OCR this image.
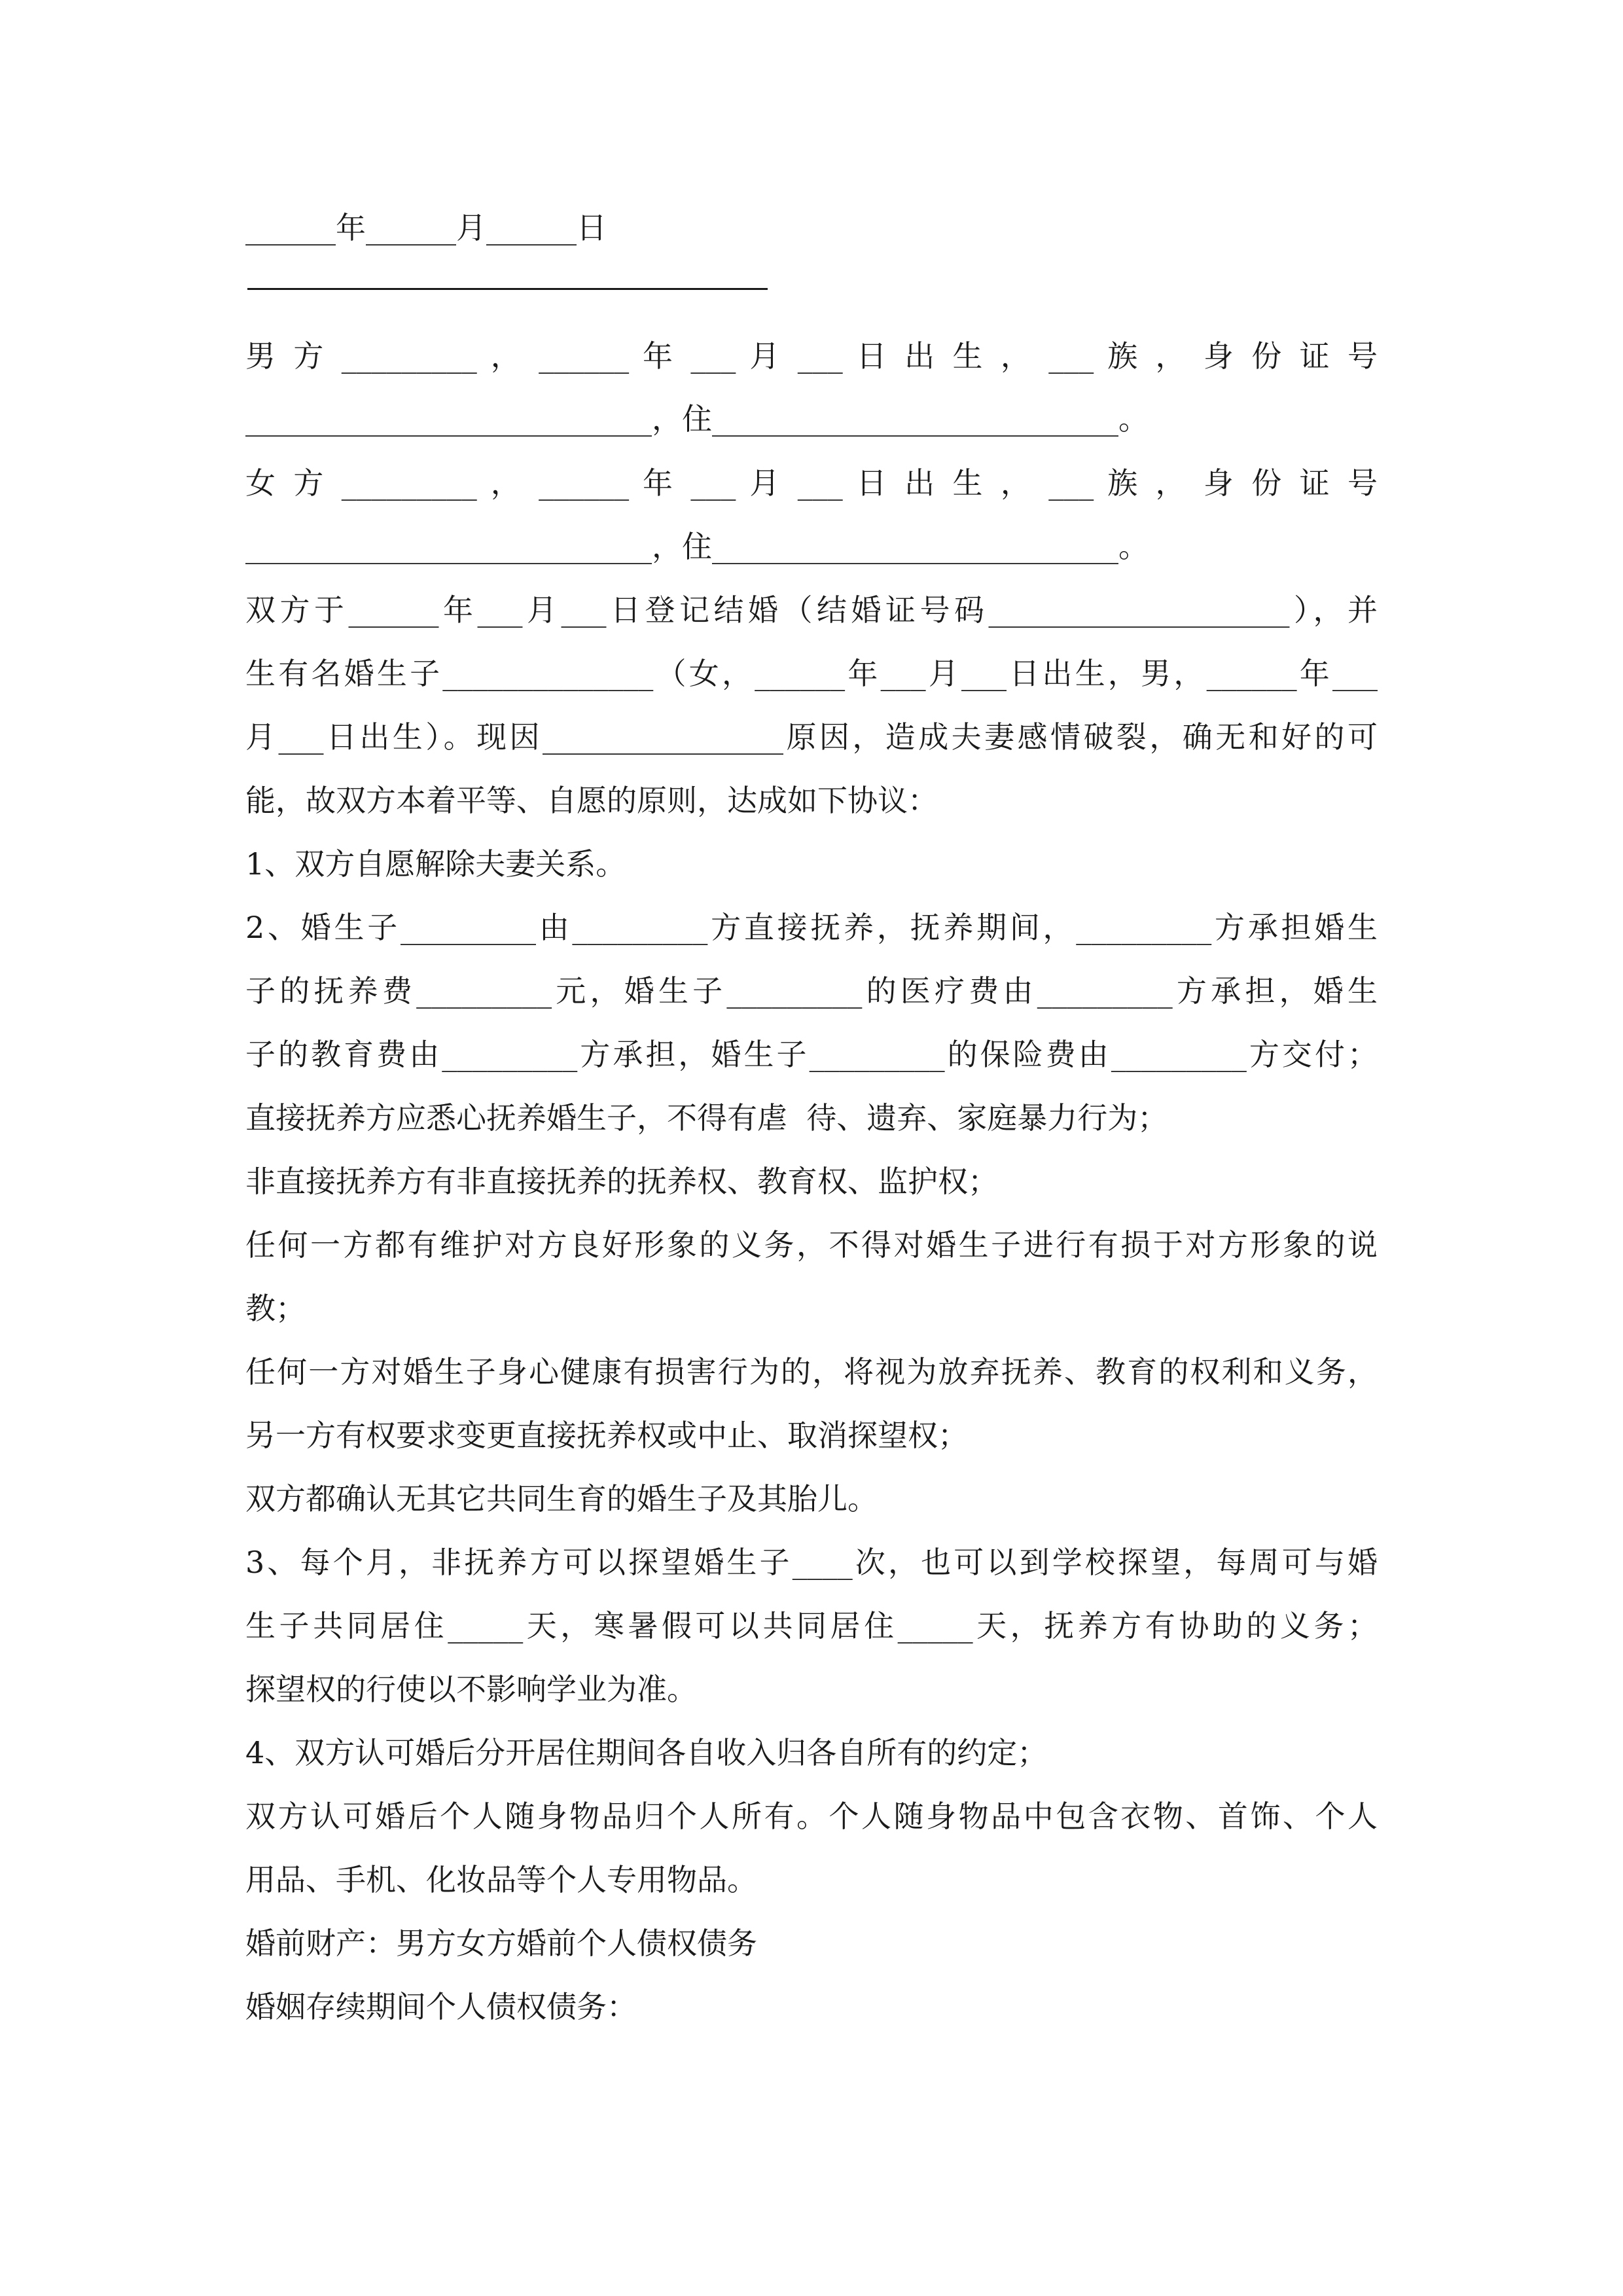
______年______月______日
男 方 _________ ， ______ 年 ___ 月 ___ 日 出 生 ， ___ 族 ， 身 份 证 号
___________________________，住___________________________。
女 方 _________ ， ______ 年 ___ 月 ___ 日 出 生 ， ___ 族 ， 身 份 证 号
___________________________，住___________________________。
双方于______年___月___日登记结婚（结婚证号码____________________），并
生有名婚生子______________（女，______年___月___日出生，男，______年___
月___日出生）。现因________________原因，造成夫妻感情破裂，确无和好的可
能，故双方本着平等、自愿的原则，达成如下协议：
1、双方自愿解除夫妻关系。
2、婚生子_________由_________方直接抚养，抚养期间，_________方承担婚生
子的抚养费_________元，婚生子_________的医疗费由_________方承担，婚生
子的教育费由_________方承担，婚生子_________的保险费由_________方交付；
直接抚养方应悉心抚养婚生子，不得有虐  待、遗弃、家庭暴力行为；
非直接抚养方有非直接抚养的抚养权、教育权、监护权；
任何一方都有维护对方良好形象的义务，不得对婚生子进行有损于对方形象的说
教；
任何一方对婚生子身心健康有损害行为的，将视为放弃抚养、教育的权利和义务，
另一方有权要求变更直接抚养权或中止、取消探望权；
双方都确认无其它共同生育的婚生子及其胎儿。
3、每个月，非抚养方可以探望婚生子____次，也可以到学校探望，每周可与婚
生子共同居住_____天，寒暑假可以共同居住_____天，抚养方有协助的义务；
探望权的行使以不影响学业为准。
4、双方认可婚后分开居住期间各自收入归各自所有的约定；
双方认可婚后个人随身物品归个人所有。个人随身物品中包含衣物、首饰、个人
用品、手机、化妆品等个人专用物品。
婚前财产：男方女方婚前个人债权债务
婚姻存续期间个人债权债务：
